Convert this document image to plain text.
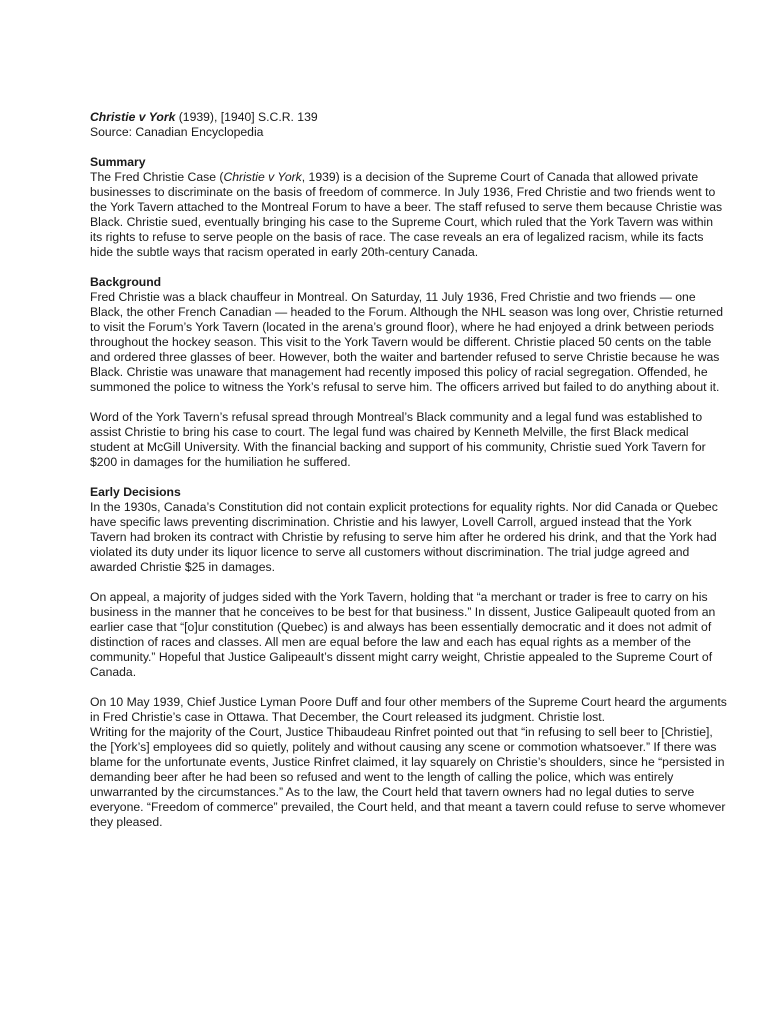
Christie v York (1939), [1940] S.C.R. 139

Source: Canadian Encyclopedia

Summary

The Fred Christie Case (Christie v York, 1939) is a decision of the Supreme Court of Canada that allowed private businesses to discriminate on the basis of freedom of commerce. In July 1936, Fred Christie and two friends went to the York Tavern attached to the Montreal Forum to have a beer. The staff refused to serve them because Christie was Black. Christie sued, eventually bringing his case to the Supreme Court, which ruled that the York Tavern was within its rights to refuse to serve people on the basis of race. The case reveals an era of legalized racism, while its facts hide the subtle ways that racism operated in early 20th-century Canada.

Background

Fred Christie was a black chauffeur in Montreal. On Saturday, 11 July 1936, Fred Christie and two friends — one Black, the other French Canadian — headed to the Forum. Although the NHL season was long over, Christie returned to visit the Forum’s York Tavern (located in the arena’s ground floor), where he had enjoyed a drink between periods throughout the hockey season. This visit to the York Tavern would be different. Christie placed 50 cents on the table and ordered three glasses of beer. However, both the waiter and bartender refused to serve Christie because he was Black. Christie was unaware that management had recently imposed this policy of racial segregation. Offended, he summoned the police to witness the York’s refusal to serve him. The officers arrived but failed to do anything about it.

Word of the York Tavern’s refusal spread through Montreal’s Black community and a legal fund was established to assist Christie to bring his case to court. The legal fund was chaired by Kenneth Melville, the first Black medical student at McGill University. With the financial backing and support of his community, Christie sued York Tavern for $200 in damages for the humiliation he suffered.

Early Decisions

In the 1930s, Canada’s Constitution did not contain explicit protections for equality rights. Nor did Canada or Quebec have specific laws preventing discrimination. Christie and his lawyer, Lovell Carroll, argued instead that the York Tavern had broken its contract with Christie by refusing to serve him after he ordered his drink, and that the York had violated its duty under its liquor licence to serve all customers without discrimination. The trial judge agreed and awarded Christie $25 in damages.

On appeal, a majority of judges sided with the York Tavern, holding that “a merchant or trader is free to carry on his business in the manner that he conceives to be best for that business.” In dissent, Justice Galipeault quoted from an earlier case that “[o]ur constitution (Quebec) is and always has been essentially democratic and it does not admit of distinction of races and classes. All men are equal before the law and each has equal rights as a member of the community.” Hopeful that Justice Galipeault’s dissent might carry weight, Christie appealed to the Supreme Court of Canada.

On 10 May 1939, Chief Justice Lyman Poore Duff and four other members of the Supreme Court heard the arguments in Fred Christie’s case in Ottawa. That December, the Court released its judgment. Christie lost.

Writing for the majority of the Court, Justice Thibaudeau Rinfret pointed out that “in refusing to sell beer to [Christie], the [York’s] employees did so quietly, politely and without causing any scene or commotion whatsoever.” If there was blame for the unfortunate events, Justice Rinfret claimed, it lay squarely on Christie’s shoulders, since he “persisted in demanding beer after he had been so refused and went to the length of calling the police, which was entirely unwarranted by the circumstances.” As to the law, the Court held that tavern owners had no legal duties to serve everyone. “Freedom of commerce” prevailed, the Court held, and that meant a tavern could refuse to serve whomever they pleased.
